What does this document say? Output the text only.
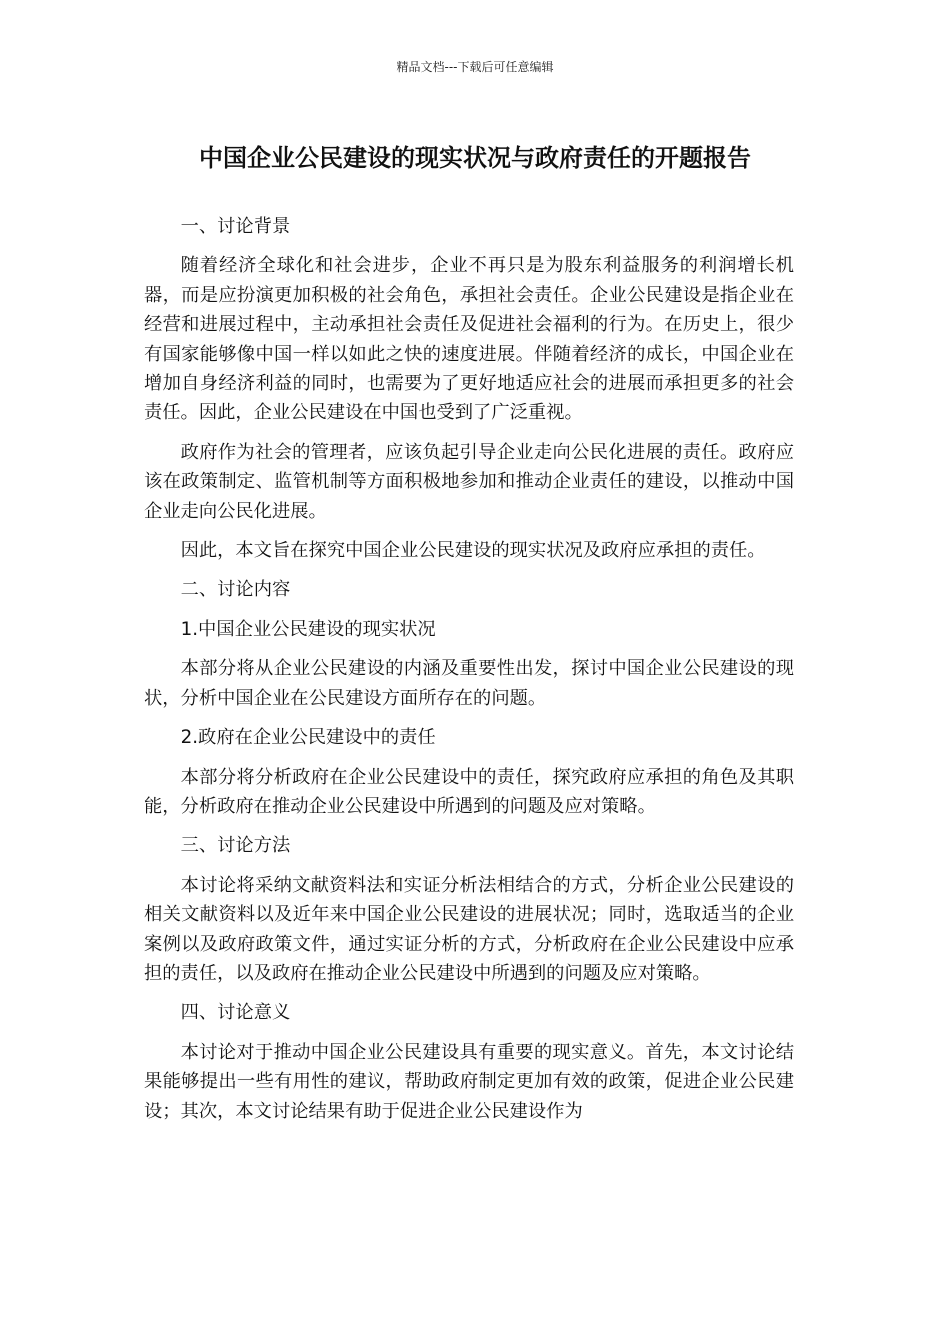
精品文档---下载后可任意编辑
中国企业公民建设的现实状况与政府责任的开题报告

一、讨论背景

随着经济全球化和社会进步，企业不再只是为股东利益服务的利润增长机器，而是应扮演更加积极的社会角色，承担社会责任。企业公民建设是指企业在经营和进展过程中，主动承担社会责任及促进社会福利的行为。在历史上，很少有国家能够像中国一样以如此之快的速度进展。伴随着经济的成长，中国企业在增加自身经济利益的同时，也需要为了更好地适应社会的进展而承担更多的社会责任。因此，企业公民建设在中国也受到了广泛重视。

政府作为社会的管理者，应该负起引导企业走向公民化进展的责任。政府应该在政策制定、监管机制等方面积极地参加和推动企业责任的建设，以推动中国企业走向公民化进展。

因此，本文旨在探究中国企业公民建设的现实状况及政府应承担的责任。

二、讨论内容

1.中国企业公民建设的现实状况

本部分将从企业公民建设的内涵及重要性出发，探讨中国企业公民建设的现状，分析中国企业在公民建设方面所存在的问题。

2.政府在企业公民建设中的责任

本部分将分析政府在企业公民建设中的责任，探究政府应承担的角色及其职能，分析政府在推动企业公民建设中所遇到的问题及应对策略。

三、讨论方法

本讨论将采纳文献资料法和实证分析法相结合的方式，分析企业公民建设的相关文献资料以及近年来中国企业公民建设的进展状况；同时，选取适当的企业案例以及政府政策文件，通过实证分析的方式，分析政府在企业公民建设中应承担的责任，以及政府在推动企业公民建设中所遇到的问题及应对策略。

四、讨论意义

本讨论对于推动中国企业公民建设具有重要的现实意义。首先，本文讨论结果能够提出一些有用性的建议，帮助政府制定更加有效的政策，促进企业公民建设；其次，本文讨论结果有助于促进企业公民建设作为
